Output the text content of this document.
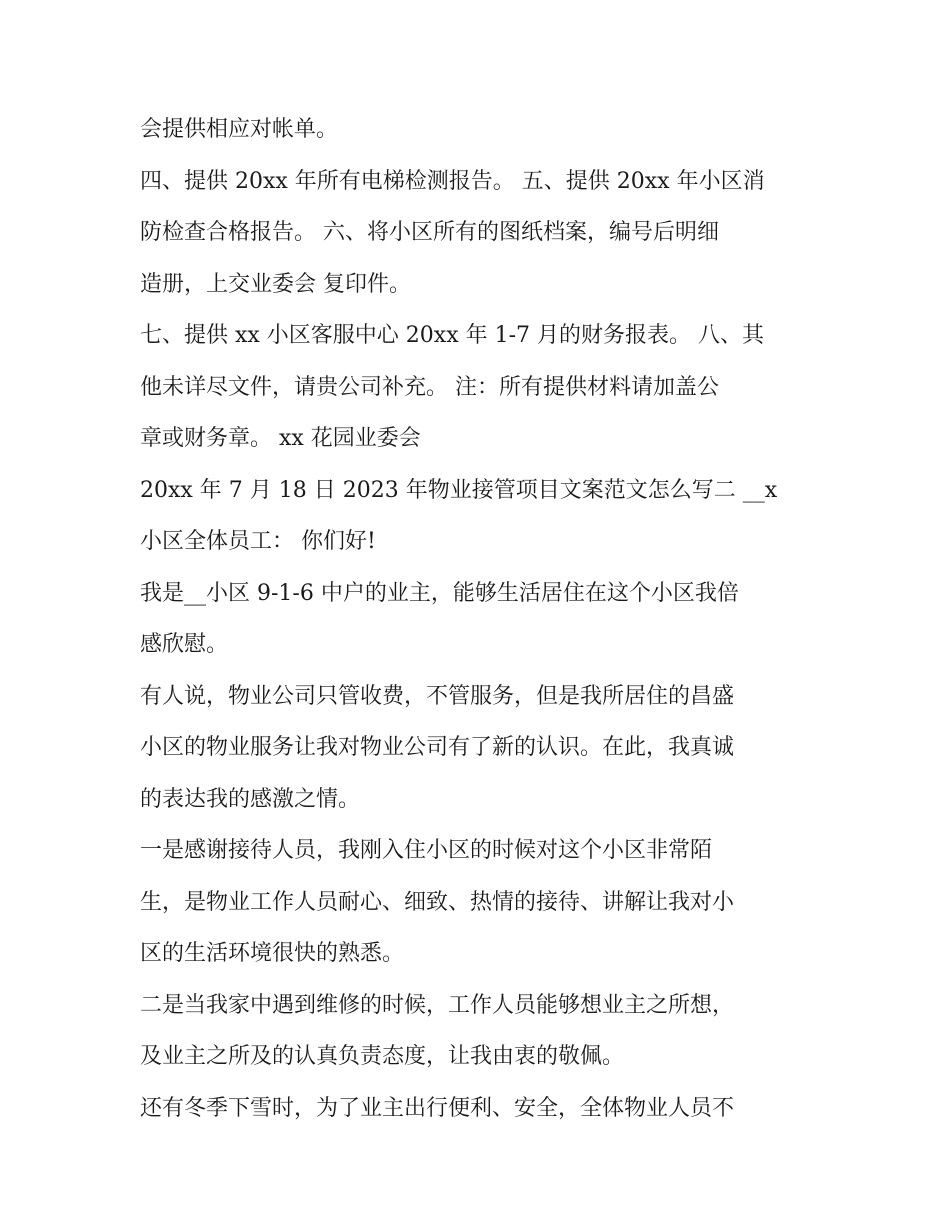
会提供相应对帐单。
四、提供 20xx 年所有电梯检测报告。 五、提供 20xx 年小区消
防检查合格报告。 六、将小区所有的图纸档案，编号后明细
造册，上交业委会 复印件。
七、提供 xx 小区客服中心 20xx 年 1-7 月的财务报表。 八、其
他未详尽文件，请贵公司补充。 注：所有提供材料请加盖公
章或财务章。 xx 花园业委会
20xx 年 7 月 18 日 2023 年物业接管项目文案范文怎么写二 __x
小区全体员工： 你们好!
我是__小区 9-1-6 中户的业主，能够生活居住在这个小区我倍
感欣慰。
有人说，物业公司只管收费，不管服务，但是我所居住的昌盛
小区的物业服务让我对物业公司有了新的认识。在此，我真诚
的表达我的感激之情。
一是感谢接待人员，我刚入住小区的时候对这个小区非常陌
生，是物业工作人员耐心、细致、热情的接待、讲解让我对小
区的生活环境很快的熟悉。
二是当我家中遇到维修的时候，工作人员能够想业主之所想，
及业主之所及的认真负责态度，让我由衷的敬佩。
还有冬季下雪时，为了业主出行便利、安全，全体物业人员不
